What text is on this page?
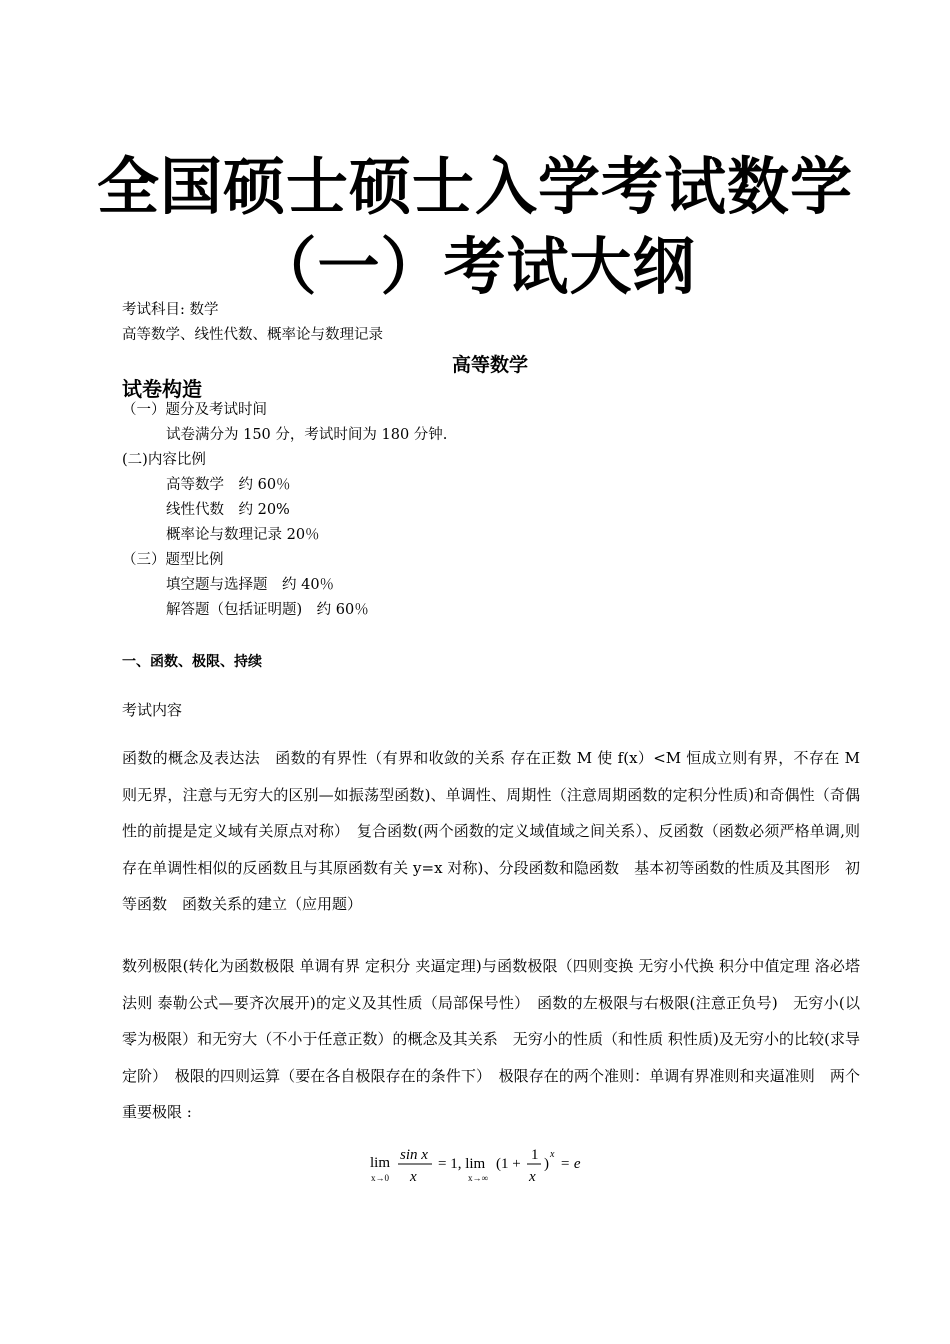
全国硕士硕士入学考试数学
（一）考试大纲
考试科目: 数学
高等数学、线性代数、概率论与数理记录
高等数学
试卷构造
（一）题分及考试时间
试卷满分为 150 分，考试时间为 180 分钟.
(二)内容比例
高等数学　约 60％
线性代数　约 20%
概率论与数理记录 20％
（三）题型比例
填空题与选择题　约 40％
解答题（包括证明题)　约 60％
一、函数、极限、持续
考试内容
函数的概念及表达法　函数的有界性（有界和收敛的关系 存在正数 M 使 f(x）<M 恒成立则有界，不存在 M 则无界，注意与无穷大的区别—如振荡型函数)、单调性、周期性（注意周期函数的定积分性质)和奇偶性（奇偶性的前提是定义域有关原点对称）　复合函数(两个函数的定义域值域之间关系）、反函数（函数必须严格单调,则存在单调性相似的反函数且与其原函数有关 y=x 对称)、分段函数和隐函数　基本初等函数的性质及其图形　初等函数　函数关系的建立（应用题）
数列极限(转化为函数极限 单调有界 定积分 夹逼定理)与函数极限（四则变换 无穷小代换 积分中值定理 洛必塔法则 泰勒公式—要齐次展开)的定义及其性质（局部保号性）　函数的左极限与右极限(注意正负号)　无穷小(以零为极限）和无穷大（不小于任意正数）的概念及其关系　无穷小的性质（和性质 积性质)及无穷小的比较(求导定阶）　极限的四则运算（要在各自极限存在的条件下）　极限存在的两个准则：单调有界准则和夹逼准则　两个重要极限 :
lim
x→0
sin x
x
= 1, lim
x→∞
(1 +
1
x
)
x
= e
